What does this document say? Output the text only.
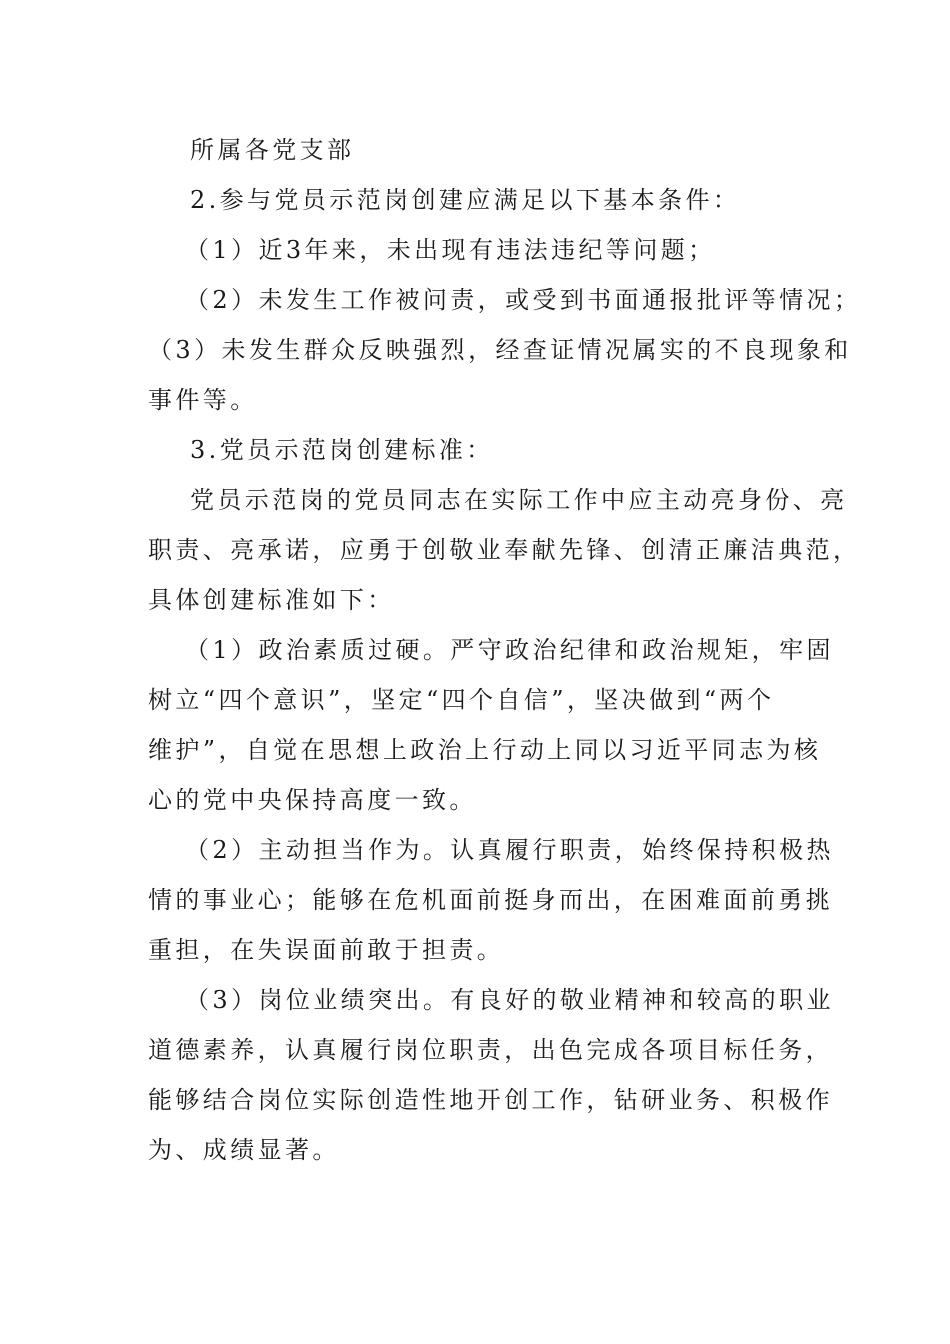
所属各党支部
2.参与党员示范岗创建应满足以下基本条件：
（1）近3年来，未出现有违法违纪等问题；
（2）未发生工作被问责，或受到书面通报批评等情况；
（3）未发生群众反映强烈，经查证情况属实的不良现象和
事件等。
3.党员示范岗创建标准：
党员示范岗的党员同志在实际工作中应主动亮身份、亮
职责、亮承诺，应勇于创敬业奉献先锋、创清正廉洁典范，
具体创建标准如下：
（1）政治素质过硬。严守政治纪律和政治规矩，牢固
树立“四个意识”，坚定“四个自信”，坚决做到“两个
维护”，自觉在思想上政治上行动上同以习近平同志为核
心的党中央保持高度一致。
（2）主动担当作为。认真履行职责，始终保持积极热
情的事业心；能够在危机面前挺身而出，在困难面前勇挑
重担，在失误面前敢于担责。
（3）岗位业绩突出。有良好的敬业精神和较高的职业
道德素养，认真履行岗位职责，出色完成各项目标任务，
能够结合岗位实际创造性地开创工作，钻研业务、积极作
为、成绩显著。
